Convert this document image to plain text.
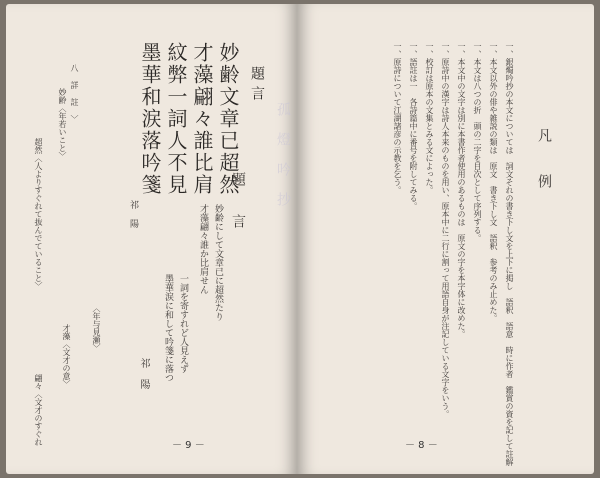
題言
妙齢文章已超然
才藻翩々誰比肩
紋弊一詞人不見
墨華和涙落吟箋
祁 陽
孤 燈 吟 抄
題 言
妙齢にして文章已に超然たり
才藻翩々誰か比肩せん
一詞を寄すれど人見えず
墨華涙に和して吟箋に落つ
祁 陽
八 詳 註 〉
妙齢〈年若いこと〉
超然〈人よりすぐれて抜んでていること〉
〈年与見瀬〉
才藻〈文才の意〉
翩々〈文才のすぐれ	－ 9 －
凡 例
一、銀燭吟抄の本文については　詞文それの書き下し文を上下に掲し　語釈　語意　時に作者　鑑賞の資を記して註解
一、本文以外の俳や雑説の類は　原文　書き下し文　語釈　参考のみ止めた。
一、本文は八つの折　頭の二字を目次として序列する。
一、本文中の文字は別に本書作者使用のあるものは　原文の字を本字体に改めた。
一、原詩中の漢字は詩人本来のものを用い、原本中に二行に割って用語自身が注記している文字をいう。
一、校訂は原本の文集とみる文によった。
一、語註は一　各詩篇中に番号を附してみる。
一、原詩について江湖諸彦の示教を乞う。
－ 8 －
